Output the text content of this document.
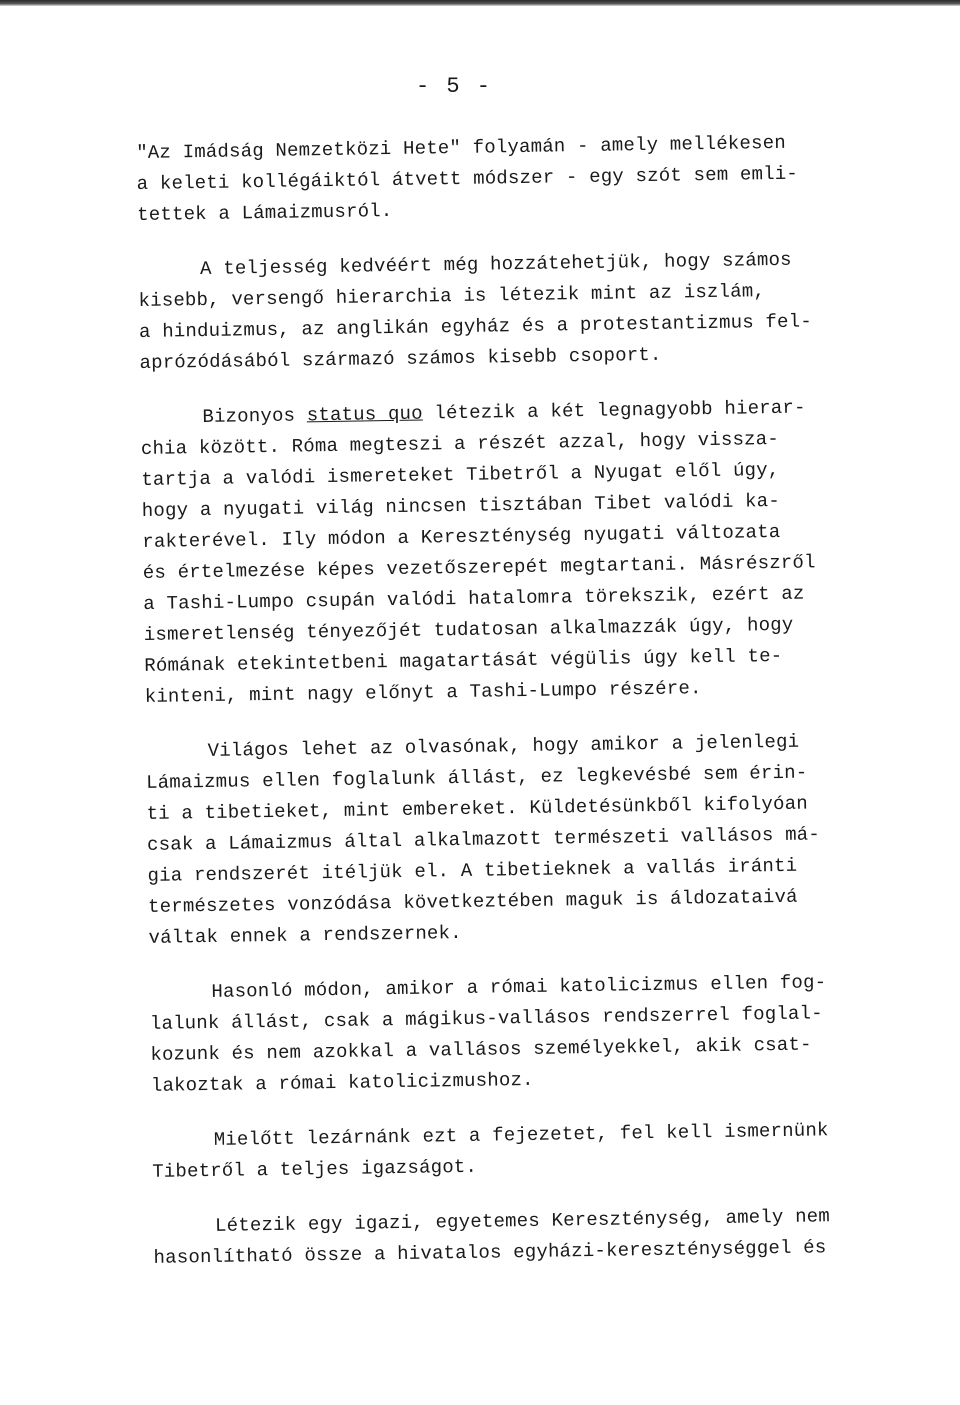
- 5 -
"Az Imádság Nemzetközi Hete" folyamán - amely mellékesen
a keleti kollégáiktól átvett módszer - egy szót sem emli-
tettek a Lámaizmusról.
A teljesség kedvéért még hozzátehetjük, hogy számos
kisebb, versengő hierarchia is létezik mint az iszlám,
a hinduizmus, az anglikán egyház és a protestantizmus fel-
aprózódásából származó számos kisebb csoport.
Bizonyos status quo létezik a két legnagyobb hierar-
chia között. Róma megteszi a részét azzal, hogy vissza-
tartja a valódi ismereteket Tibetről a Nyugat elől úgy,
hogy a nyugati világ nincsen tisztában Tibet valódi ka-
rakterével. Ily módon a Kereszténység nyugati változata
és értelmezése képes vezetőszerepét megtartani. Másrészről
a Tashi-Lumpo csupán valódi hatalomra törekszik, ezért az
ismeretlenség tényezőjét tudatosan alkalmazzák úgy, hogy
Rómának etekintetbeni magatartását végülis úgy kell te-
kinteni, mint nagy előnyt a Tashi-Lumpo részére.
Világos lehet az olvasónak, hogy amikor a jelenlegi
Lámaizmus ellen foglalunk állást, ez legkevésbé sem érin-
ti a tibetieket, mint embereket. Küldetésünkből kifolyóan
csak a Lámaizmus által alkalmazott természeti vallásos má-
gia rendszerét itéljük el. A tibetieknek a vallás iránti
természetes vonzódása következtében maguk is áldozataivá
váltak ennek a rendszernek.
Hasonló módon, amikor a római katolicizmus ellen fog-
lalunk állást, csak a mágikus-vallásos rendszerrel foglal-
kozunk és nem azokkal a vallásos személyekkel, akik csat-
lakoztak a római katolicizmushoz.
Mielőtt lezárnánk ezt a fejezetet, fel kell ismernünk
Tibetről a teljes igazságot.
Létezik egy igazi, egyetemes Kereszténység, amely nem
hasonlítható össze a hivatalos egyházi-kereszténységgel és
